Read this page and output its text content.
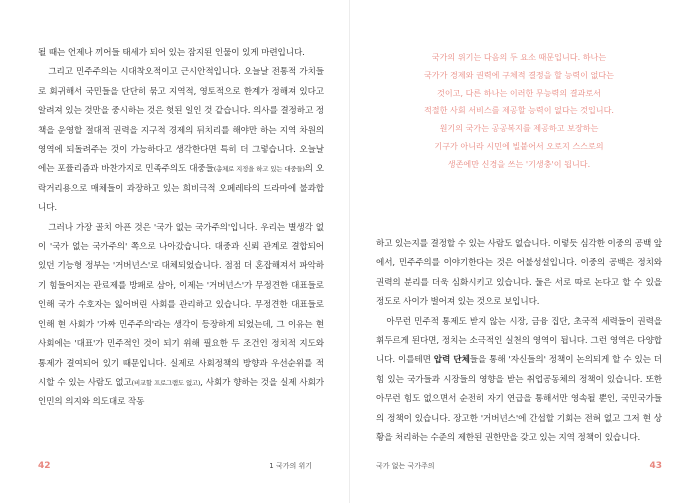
될 때는 언제나 끼어들 태세가 되어 있는 잠지된 인물이 있게 마련입니다.

그리고 민주주의는 시대착오적이고 근시안적입니다. 오늘날 전통적 가치들로 회귀해서 국민들을 단단히 묶고 지역적, 영토적으로 한계가 정해져 있다고 알려져 있는 것만을 중시하는 것은 헛된 일인 것 같습니다. 의사를 결정하고 정책을 운영할 절대적 권력을 지구적 경제의 뒤치리를 해야만 하는 지역 차원의 영역에 되돌려주는 것이 가능하다고 생각한다면 특히 더 그렇습니다. 오늘날에는 포퓰리즘과 바찬가지로 민족주의도 대중들(총체로 지정을 하고 있는 대중들)의 오락거리용으로 매체들이 과장하고 있는 희비극적 오페레타의 드라마에 불과합니다.

그러나 가장 골치 아픈 것은 '국가 없는 국가주의'입니다. 우리는 별생각 없이 '국가 없는 국가주의' 쪽으로 나아갔습니다. 대중과 신뢰 관계로 결합되어 있던 기능형 정부는 '거버넌스'로 대체되었습니다. 점점 더 혼잡해져서 파악하기 힘들어지는 관료제를 방패로 삼아, 이제는 '거버넌스'가 무정견한 대표들로 인해 국가 수호자는 잃어버린 사회를 관리하고 있습니다. 무정견한 대표들로 인해 현 사회가 '가짜 민주주의'라는 생각이 등장하게 되었는데, 그 이유는 현 사회에는 '대표'가 민주적인 것이 되기 위해 필요한 두 조건인 정치적 지도와 통제가 결여되어 있기 때문입니다. 실제로 사회정책의 방향과 우선순위를 적시할 수 있는 사람도 없고(비교할 프로그램도 없고), 사회가 향하는 것을 실제 사회가 인민의 의지와 의도대로 작동

42	1 국가의 위기
국가의 위기는 다음의 두 요소 때문입니다. 하나는
국가가 경제와 권력에 구체적 결정을 할 능력이 없다는
것이고, 다른 하나는 이러한 무능력의 결과로서
적절한 사회 서비스를 제공할 능력이 없다는 것입니다.
원기의 국가는 공공복지를 제공하고 보장하는
기구가 아니라 시민에 빌붙어서 오로지 스스로의
생존에만 신경을 쓰는 '기생충'이 됩니다.

하고 있는지를 결정할 수 있는 사람도 없습니다. 이렇듯 심각한 이중의 공백 앞에서, 민주주의를 이야기한다는 것은 어불성설입니다. 이중의 공백은 정치와 권력의 분리를 더욱 심화시키고 있습니다. 둘은 서로 따로 논다고 할 수 있을 정도로 사이가 벌어져 있는 것으로 보입니다.

아무런 민주적 통제도 받지 않는 시장, 금융 집단, 초국적 세력들이 권력을 휘두르게 된다면, 정치는 소극적인 실천의 영역이 됩니다. 그런 영역은 다양합니다. 이를테면 압력 단체들을 통해 '자신들의' 정책이 논의되게 할 수 있는 더 힘 있는 국가들과 시장들의 영향을 받는 취업공동체의 정책이 있습니다. 또한 아무런 힘도 없으면서 순전히 자기 연급을 통해서만 영속될 뿐인, 국민국가들의 정책이 있습니다. 장고한 '거버넌스'에 간섭할 기회는 전혀 없고 그저 현 상황을 처리하는 수준의 제한된 권한만을 갖고 있는 지역 정책이 있습니다.

국가 없는 국가주의	43
